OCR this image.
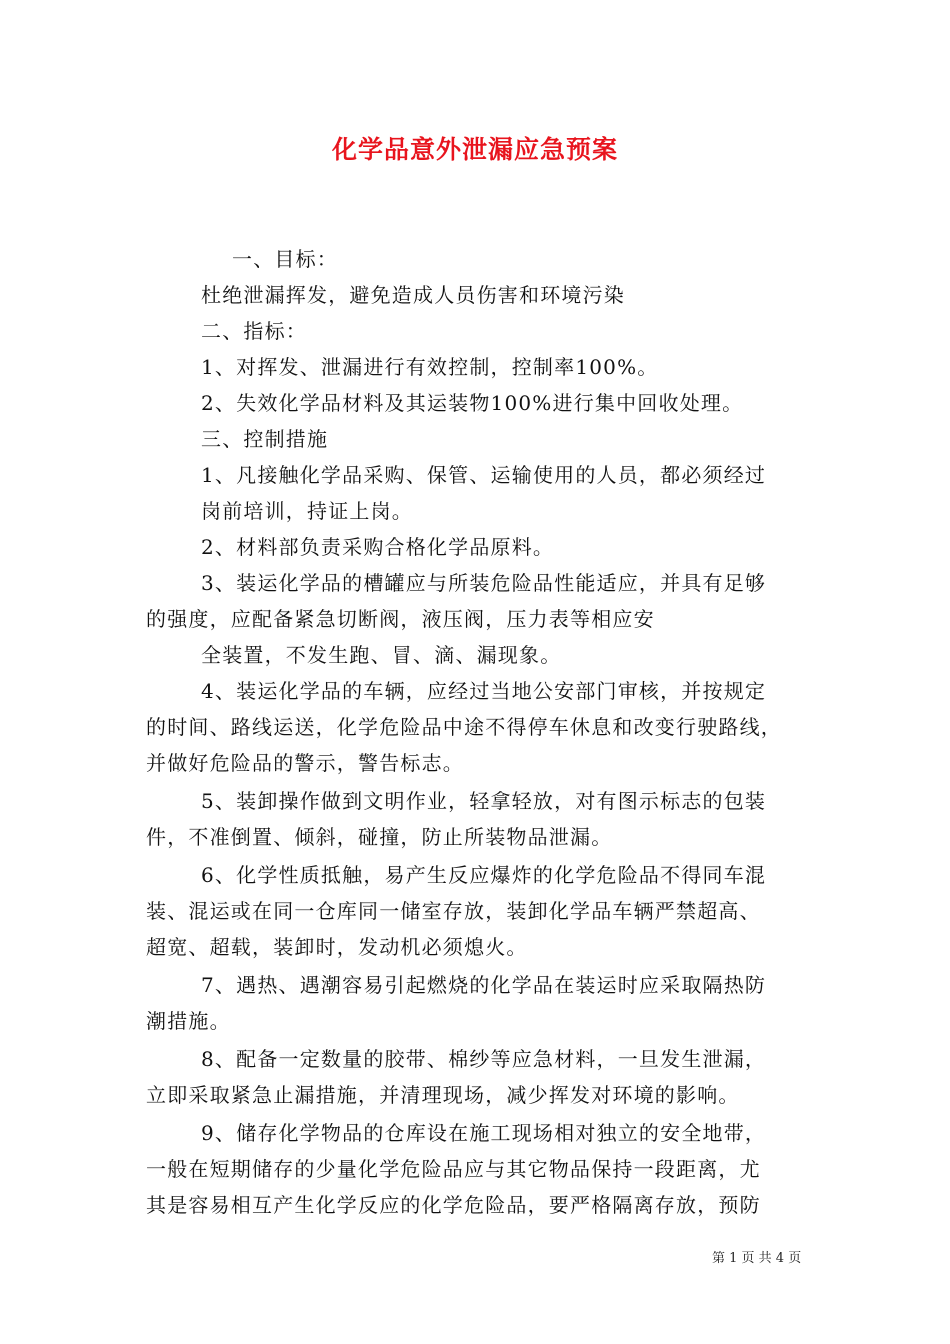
化学品意外泄漏应急预案
一、目标：
杜绝泄漏挥发，避免造成人员伤害和环境污染
二、指标：
1、对挥发、泄漏进行有效控制，控制率100%。
2、失效化学品材料及其运装物100%进行集中回收处理。
三、控制措施
1、凡接触化学品采购、保管、运输使用的人员，都必须经过
岗前培训，持证上岗。
2、材料部负责采购合格化学品原料。
3、装运化学品的槽罐应与所装危险品性能适应，并具有足够
的强度，应配备紧急切断阀，液压阀，压力表等相应安
全装置，不发生跑、冒、滴、漏现象。
4、装运化学品的车辆，应经过当地公安部门审核，并按规定
的时间、路线运送，化学危险品中途不得停车休息和改变行驶路线，
并做好危险品的警示，警告标志。
5、装卸操作做到文明作业，轻拿轻放，对有图示标志的包装
件，不准倒置、倾斜，碰撞，防止所装物品泄漏。
6、化学性质抵触，易产生反应爆炸的化学危险品不得同车混
装、混运或在同一仓库同一储室存放，装卸化学品车辆严禁超高、
超宽、超载，装卸时，发动机必须熄火。
7、遇热、遇潮容易引起燃烧的化学品在装运时应采取隔热防
潮措施。
8、配备一定数量的胶带、棉纱等应急材料，一旦发生泄漏，
立即采取紧急止漏措施，并清理现场，减少挥发对环境的影响。
9、储存化学物品的仓库设在施工现场相对独立的安全地带，
一般在短期储存的少量化学危险品应与其它物品保持一段距离，尤
其是容易相互产生化学反应的化学危险品，要严格隔离存放，预防
第 1 页 共 4 页
